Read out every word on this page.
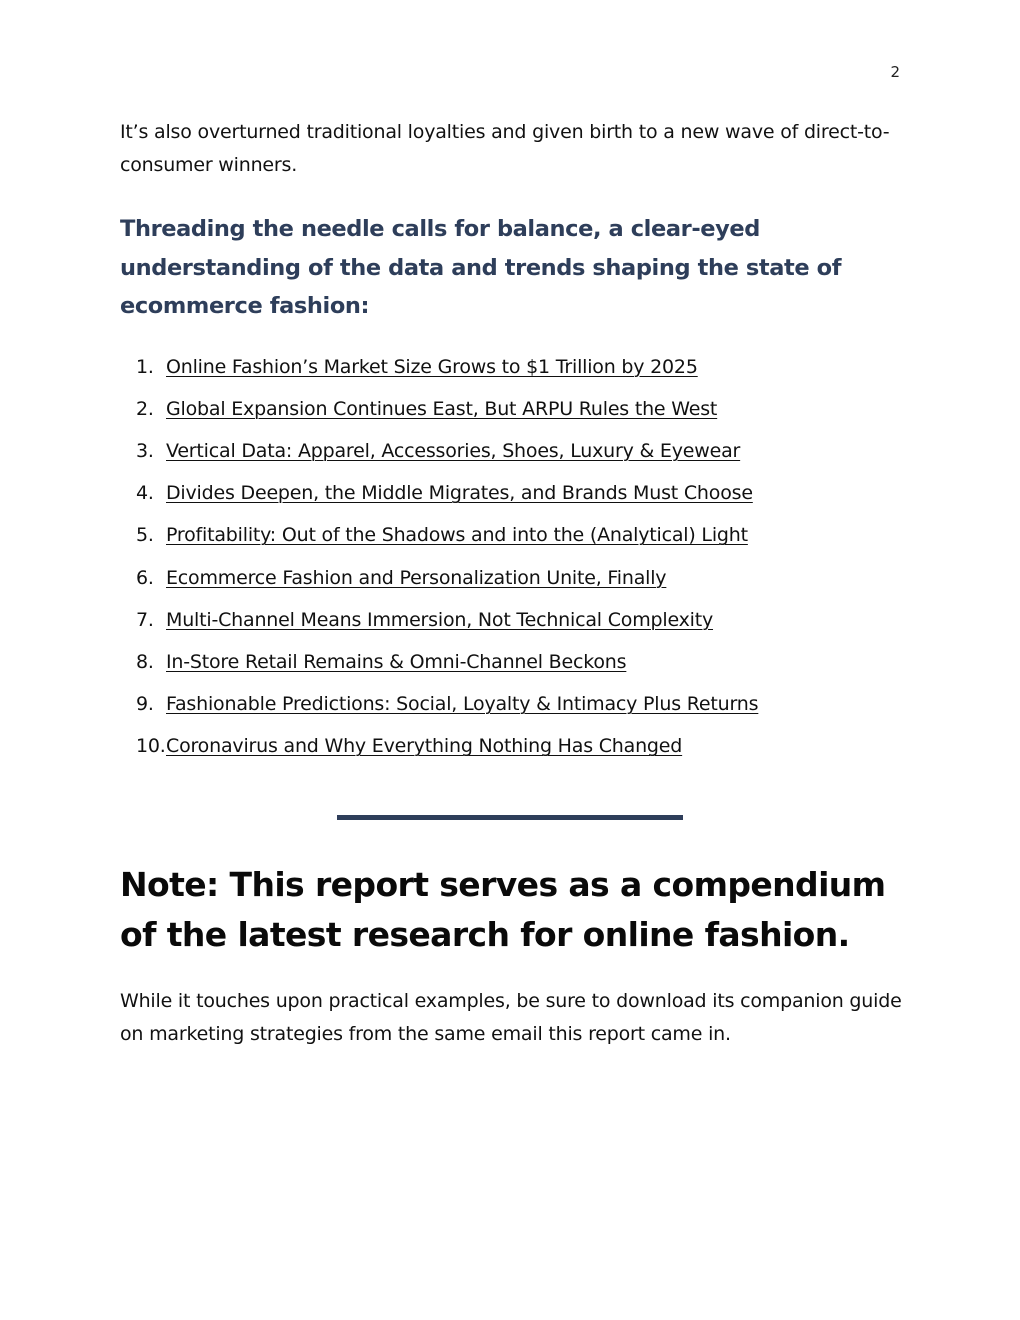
2

It’s also overturned traditional loyalties and given birth to a new wave of direct-to-consumer winners.

Threading the needle calls for balance, a clear-eyed understanding of the data and trends shaping the state of ecommerce fashion:
1. Online Fashion’s Market Size Grows to $1 Trillion by 2025
2. Global Expansion Continues East, But ARPU Rules the West
3. Vertical Data: Apparel, Accessories, Shoes, Luxury & Eyewear
4. Divides Deepen, the Middle Migrates, and Brands Must Choose
5. Profitability: Out of the Shadows and into the (Analytical) Light
6. Ecommerce Fashion and Personalization Unite, Finally
7. Multi-Channel Means Immersion, Not Technical Complexity
8. In-Store Retail Remains & Omni-Channel Beckons
9. Fashionable Predictions: Social, Loyalty & Intimacy Plus Returns
10. Coronavirus and Why Everything Nothing Has Changed
Note: This report serves as a compendium of the latest research for online fashion.

While it touches upon practical examples, be sure to download its companion guide on marketing strategies from the same email this report came in.
